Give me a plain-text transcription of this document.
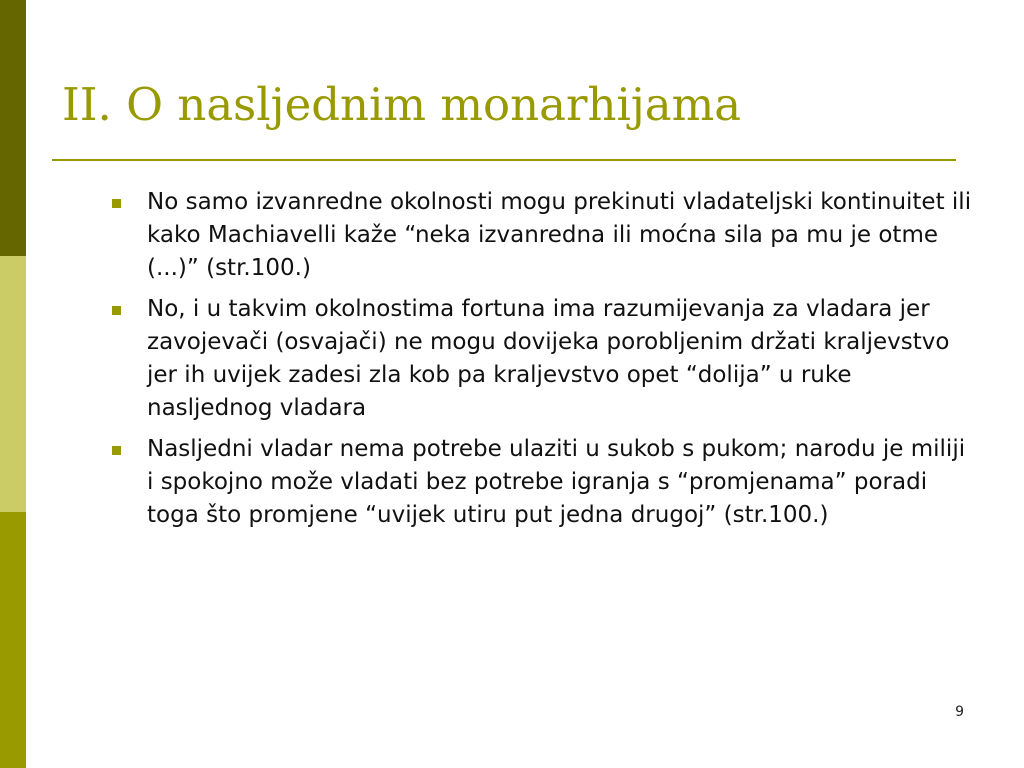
II. O nasljednim monarhijama
No samo izvanredne okolnosti mogu prekinuti vladateljski kontinuitet ili kako Machiavelli kaže “neka izvanredna ili moćna sila pa mu je otme (...)” (str.100.)
No, i u takvim okolnostima fortuna ima razumijevanja za vladara jer zavojevači (osvajači) ne mogu dovijeka porobljenim držati kraljevstvo jer ih uvijek zadesi zla kob pa kraljevstvo opet “dolija” u ruke nasljednog vladara
Nasljedni vladar nema potrebe ulaziti u sukob s pukom; narodu je miliji i spokojno može vladati bez potrebe igranja s “promjenama” poradi toga što promjene “uvijek utiru put jedna drugoj” (str.100.)
9
